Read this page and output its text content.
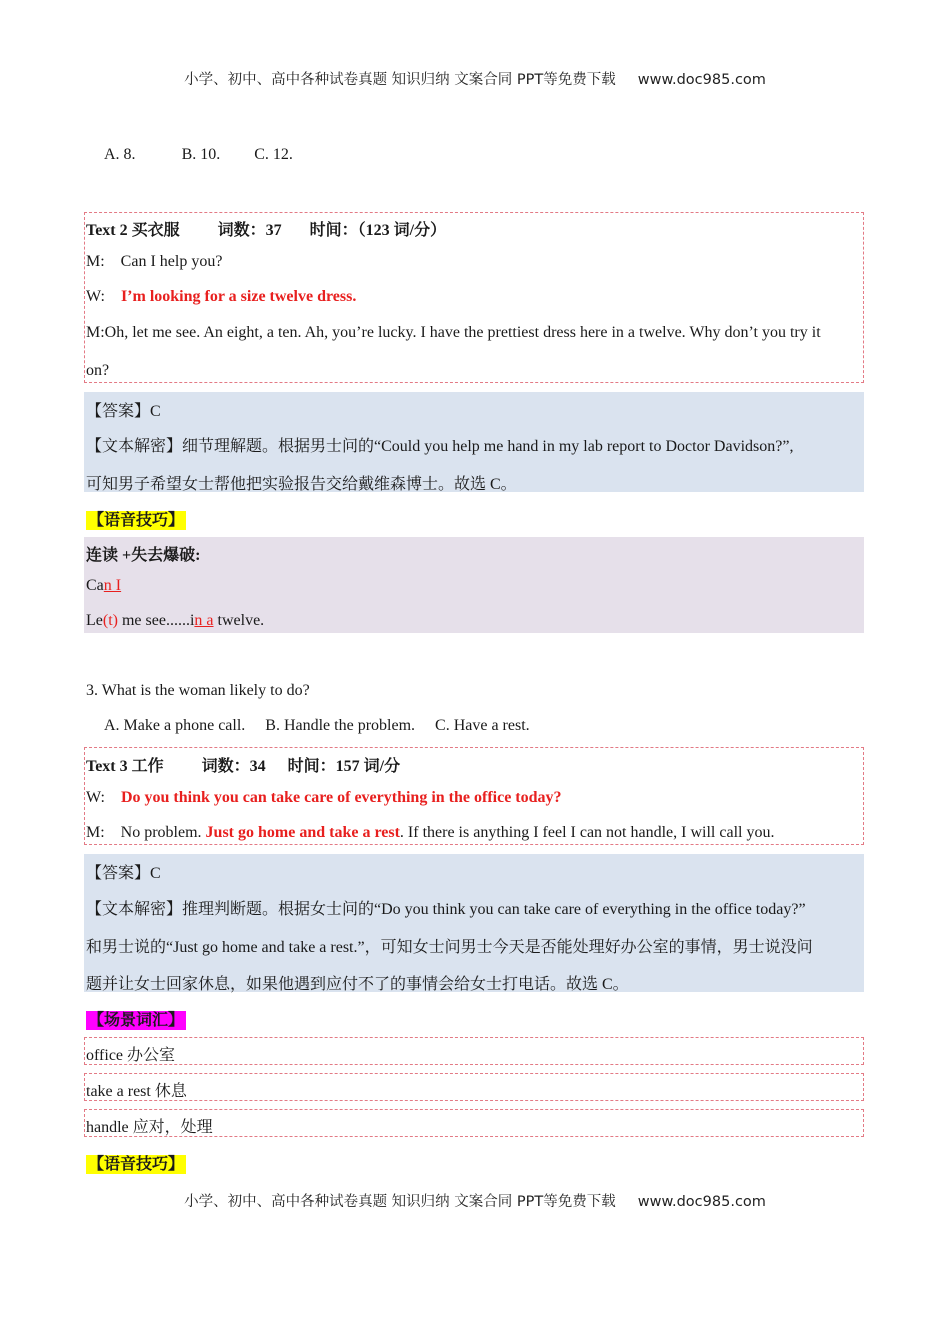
小学、初中、高中各种试卷真题 知识归纳 文案合同 PPT等免费下载 www.doc985.com
A. 8.	B. 10. C. 12.
Text 2 买衣服 词数：37 时间：（123 词/分）
M: Can I help you?
W: I’m looking for a size twelve dress.
M:Oh, let me see. An eight, a ten. Ah, you’re lucky. I have the prettiest dress here in a twelve. Why don’t you try it
on?
【答案】C
【文本解密】细节理解题。根据男士问的“Could you help me hand in my lab report to Doctor Davidson?”,
可知男子希望女士帮他把实验报告交给戴维森博士。故选 C。
【语音技巧】
连读 +失去爆破:
Can I
Le(t) me see......in a twelve.
3. What is the woman likely to do?
A. Make a phone call.     B. Handle the problem.     C. Have a rest.
Text 3 工作 词数：34 时间：157 词/分
W: Do you think you can take care of everything in the office today?
M: No problem. Just go home and take a rest. If there is anything I feel I can not handle, I will call you.
【答案】C
【文本解密】推理判断题。根据女士问的“Do you think you can take care of everything in the office today?”
和男士说的“Just go home and take a rest.”，可知女士问男士今天是否能处理好办公室的事情，男士说没问
题并让女士回家休息，如果他遇到应付不了的事情会给女士打电话。故选 C。
【场景词汇】
office 办公室
take a rest 休息
handle 应对，处理
【语音技巧】
小学、初中、高中各种试卷真题 知识归纳 文案合同 PPT等免费下载 www.doc985.com
